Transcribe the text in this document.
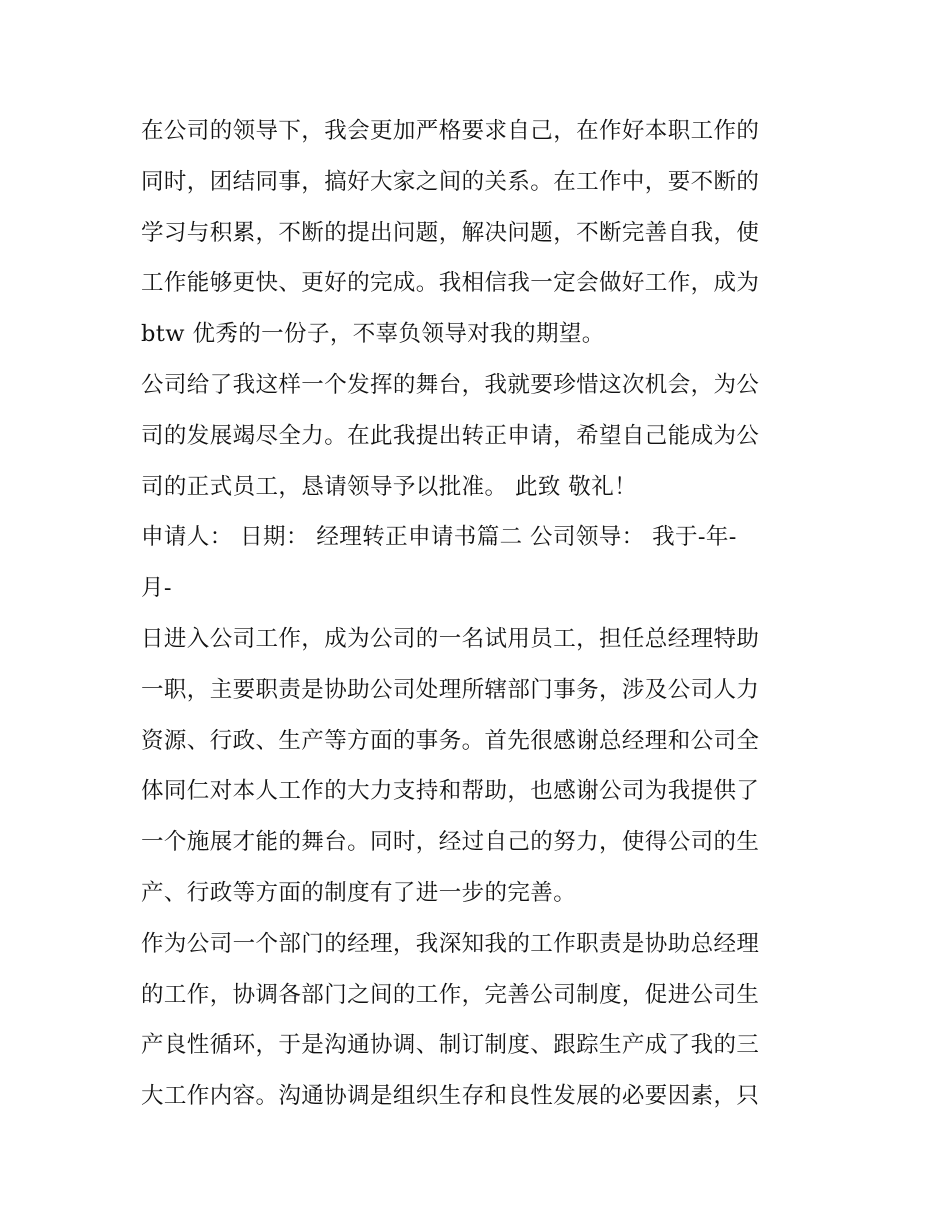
在公司的领导下，我会更加严格要求自己，在作好本职工作的
同时，团结同事，搞好大家之间的关系。在工作中，要不断的
学习与积累，不断的提出问题，解决问题，不断完善自我，使
工作能够更快、更好的完成。我相信我一定会做好工作，成为
btw 优秀的一份子，不辜负领导对我的期望。

公司给了我这样一个发挥的舞台，我就要珍惜这次机会，为公
司的发展竭尽全力。在此我提出转正申请，希望自己能成为公
司的正式员工，恳请领导予以批准。 此致 敬礼！

申请人： 日期： 经理转正申请书篇二 公司领导： 我于-年-
月-

日进入公司工作，成为公司的一名试用员工，担任总经理特助
一职，主要职责是协助公司处理所辖部门事务，涉及公司人力
资源、行政、生产等方面的事务。首先很感谢总经理和公司全
体同仁对本人工作的大力支持和帮助，也感谢公司为我提供了
一个施展才能的舞台。同时，经过自己的努力，使得公司的生
产、行政等方面的制度有了进一步的完善。

作为公司一个部门的经理，我深知我的工作职责是协助总经理
的工作，协调各部门之间的工作，完善公司制度，促进公司生
产良性循环，于是沟通协调、制订制度、跟踪生产成了我的三
大工作内容。沟通协调是组织生存和良性发展的必要因素，只
